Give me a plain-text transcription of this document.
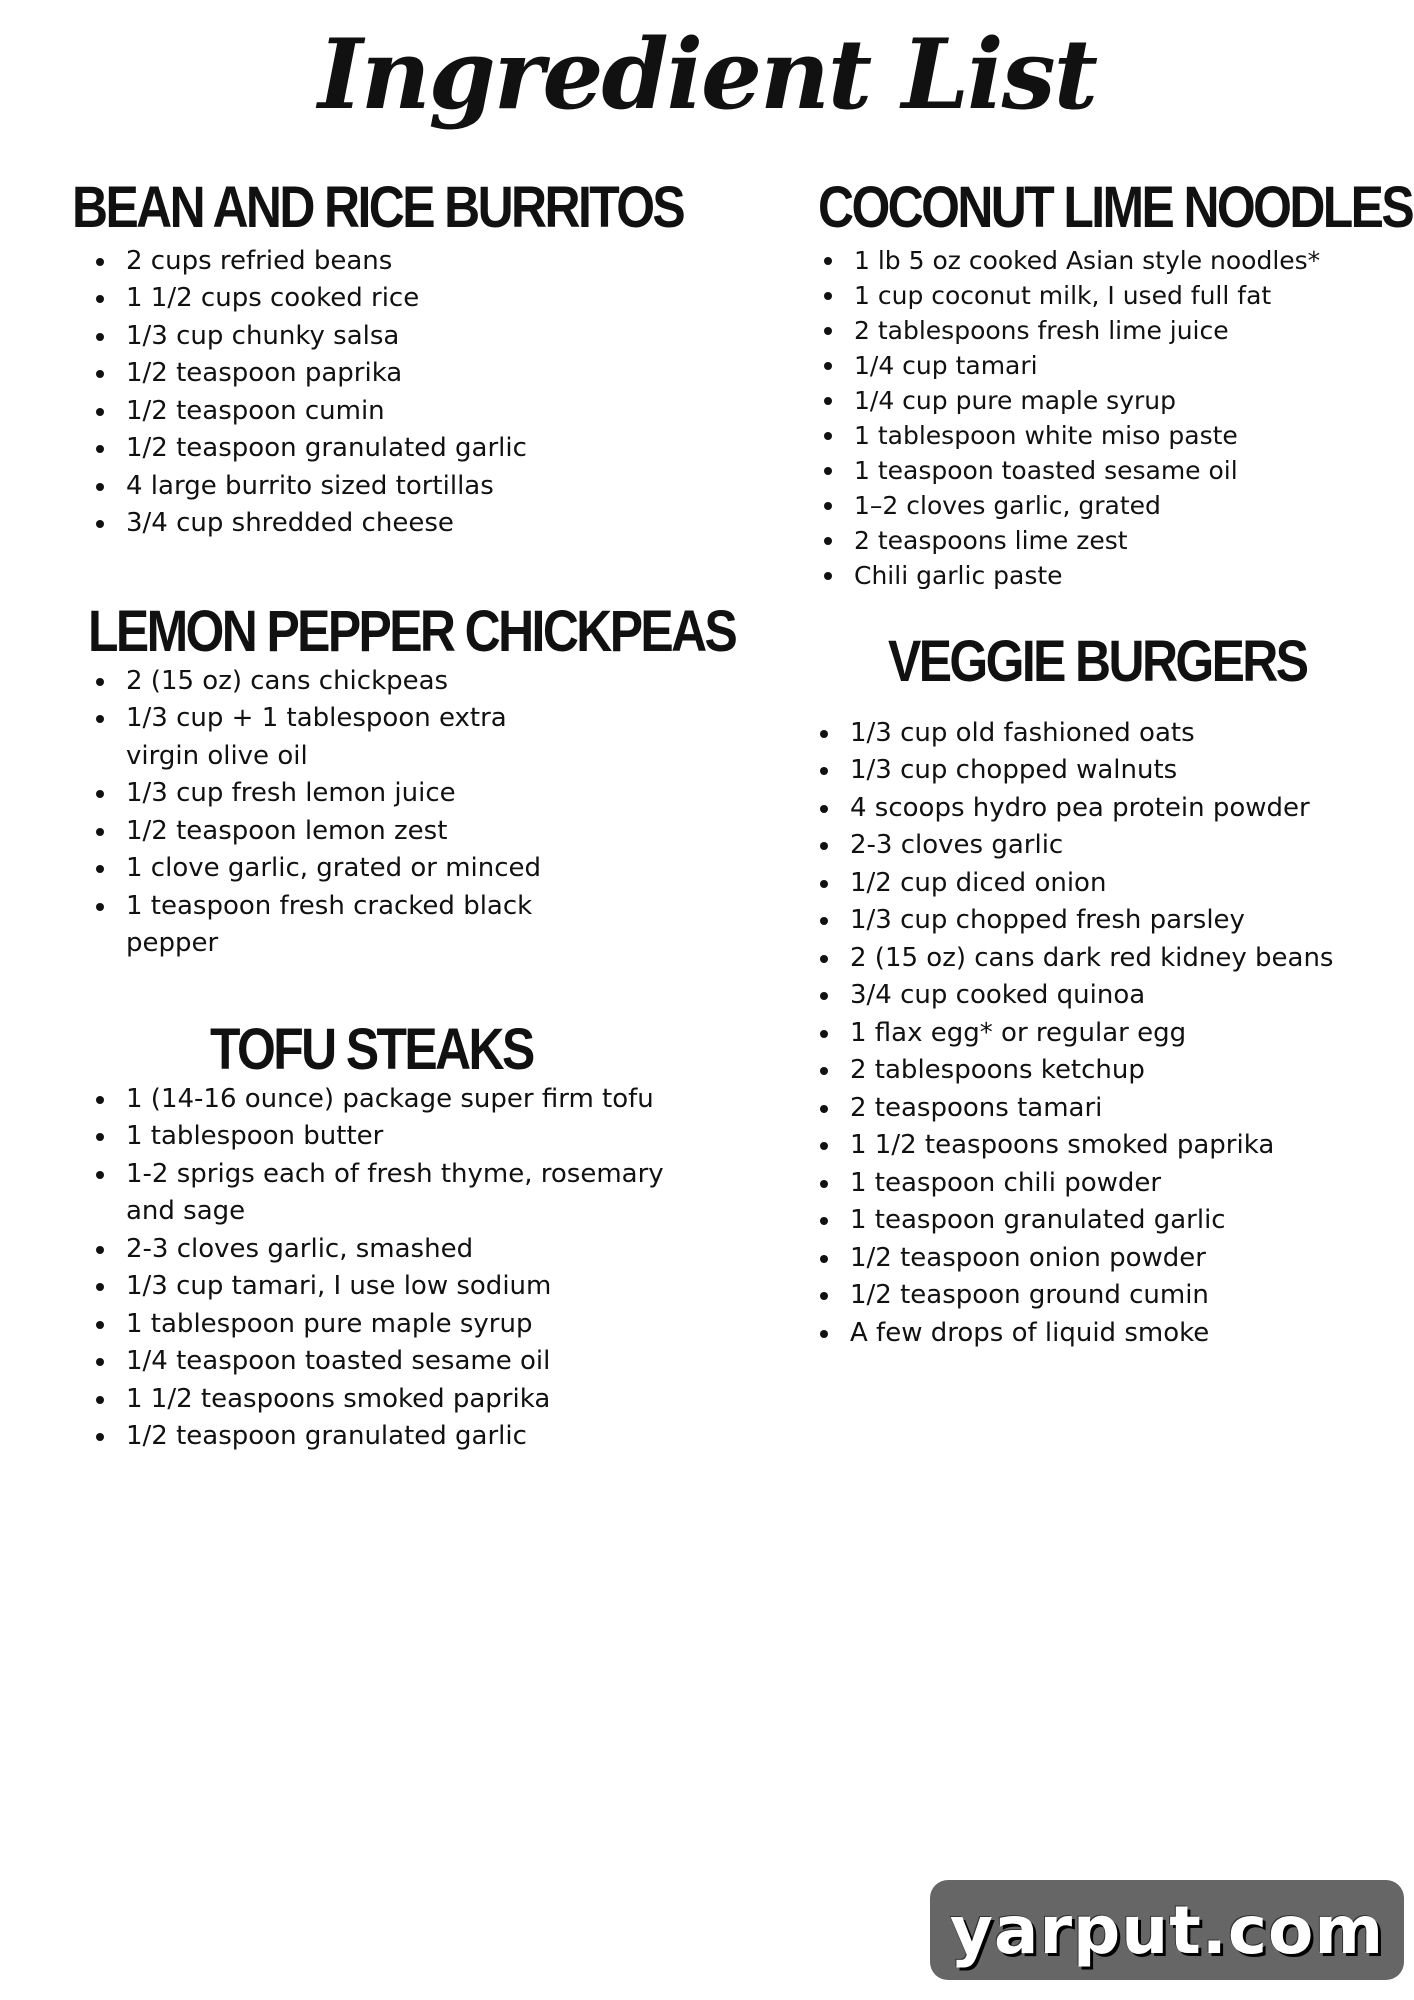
Ingredient List
BEAN AND RICE BURRITOS
2 cups refried beans
1 1/2 cups cooked rice
1/3 cup chunky salsa
1/2 teaspoon paprika
1/2 teaspoon cumin
1/2 teaspoon granulated garlic
4 large burrito sized tortillas
3/4 cup shredded cheese
LEMON PEPPER CHICKPEAS
2 (15 oz) cans chickpeas
1/3 cup + 1 tablespoon extra virgin olive oil
1/3 cup fresh lemon juice
1/2 teaspoon lemon zest
1 clove garlic, grated or minced
1 teaspoon fresh cracked black pepper
TOFU STEAKS
1 (14-16 ounce) package super firm tofu
1 tablespoon butter
1-2 sprigs each of fresh thyme, rosemary and sage
2-3 cloves garlic, smashed
1/3 cup tamari, I use low sodium
1 tablespoon pure maple syrup
1/4 teaspoon toasted sesame oil
1 1/2 teaspoons smoked paprika
1/2 teaspoon granulated garlic
COCONUT LIME NOODLES
1 lb 5 oz cooked Asian style noodles*
1 cup coconut milk, I used full fat
2 tablespoons fresh lime juice
1/4 cup tamari
1/4 cup pure maple syrup
1 tablespoon white miso paste
1 teaspoon toasted sesame oil
1–2 cloves garlic, grated
2 teaspoons lime zest
Chili garlic paste
VEGGIE BURGERS
1/3 cup old fashioned oats
1/3 cup chopped walnuts
4 scoops hydro pea protein powder
2-3 cloves garlic
1/2 cup diced onion
1/3 cup chopped fresh parsley
2 (15 oz) cans dark red kidney beans
3/4 cup cooked quinoa
1 flax egg* or regular egg
2 tablespoons ketchup
2 teaspoons tamari
1 1/2 teaspoons smoked paprika
1 teaspoon chili powder
1 teaspoon granulated garlic
1/2 teaspoon onion powder
1/2 teaspoon ground cumin
A few drops of liquid smoke
yarput.com
